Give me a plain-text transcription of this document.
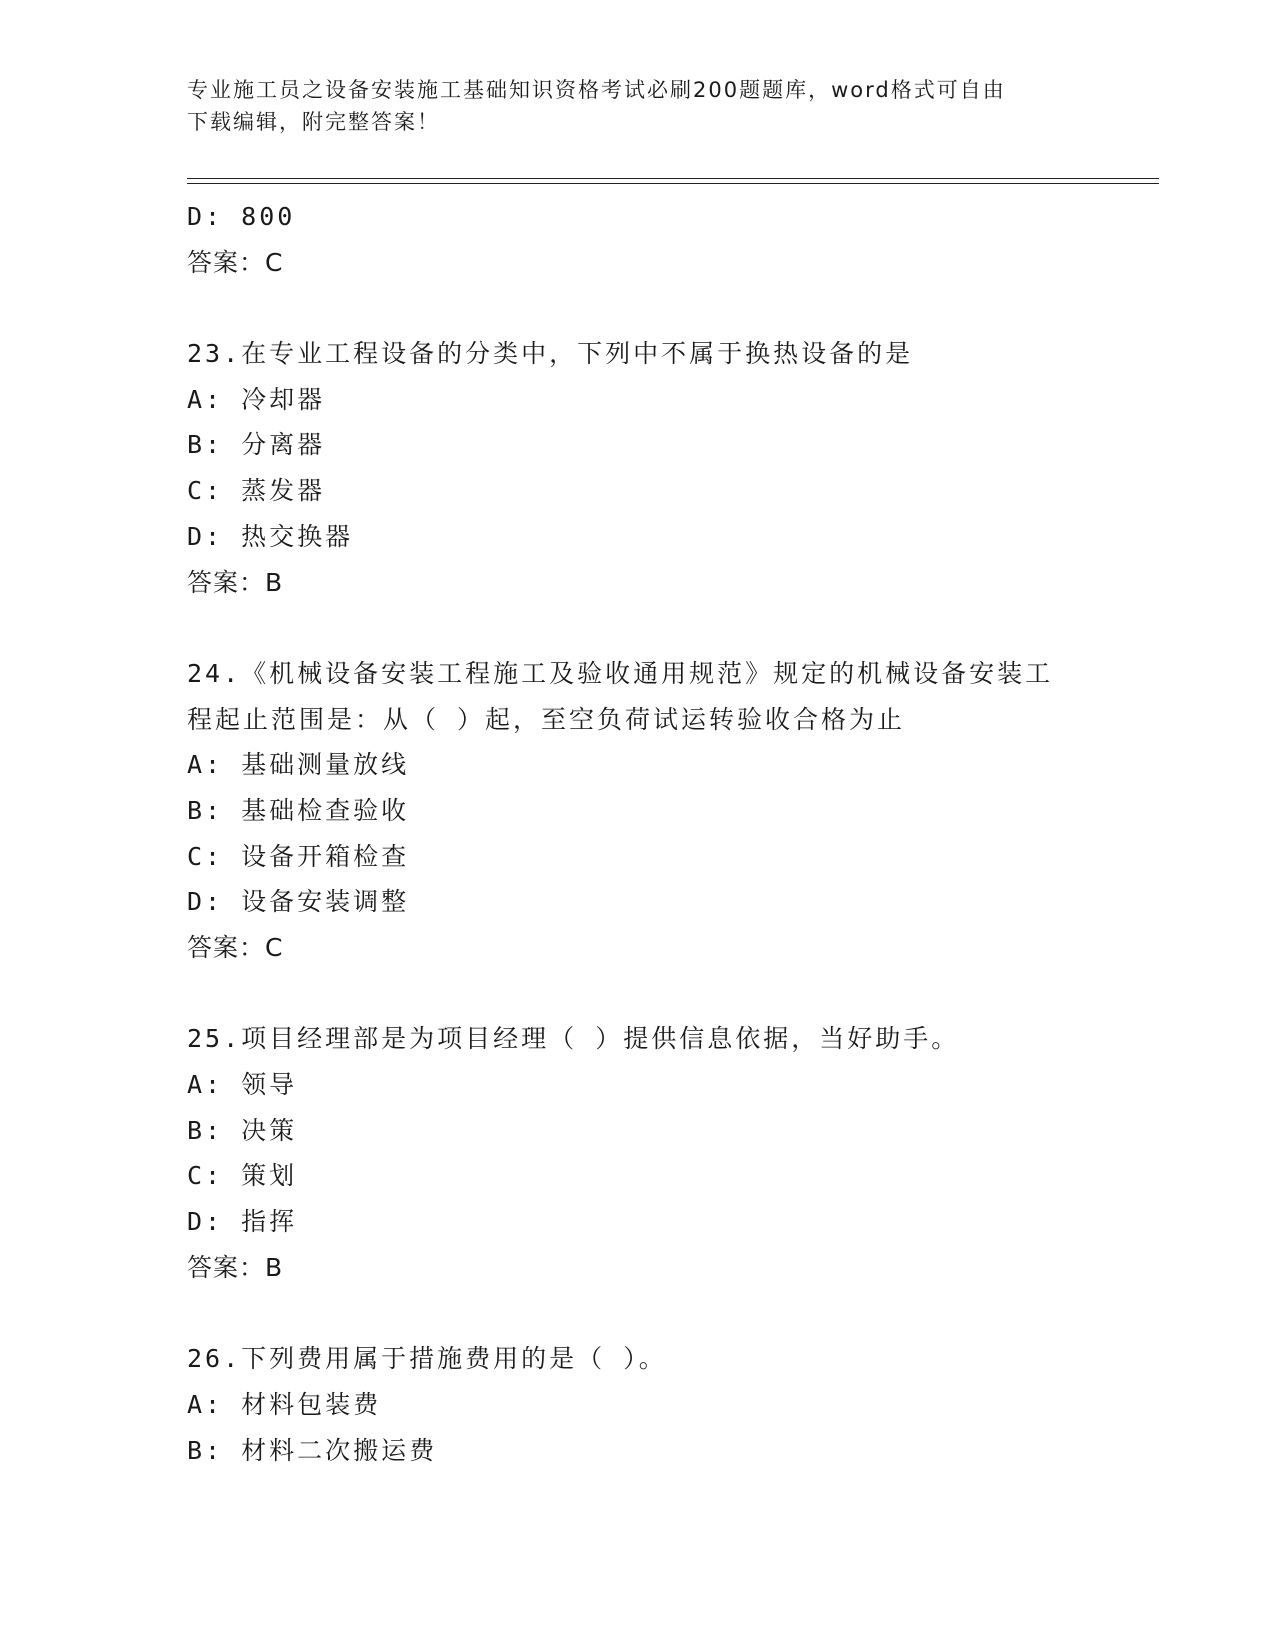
专业施工员之设备安装施工基础知识资格考试必刷200题题库，word格式可自由
下载编辑，附完整答案！
D: 800
答案：C
23.在专业工程设备的分类中，下列中不属于换热设备的是
A: 冷却器
B: 分离器
C: 蒸发器
D: 热交换器
答案：B
24.《机械设备安装工程施工及验收通用规范》规定的机械设备安装工
程起止范围是：从（ ）起，至空负荷试运转验收合格为止
A: 基础测量放线
B: 基础检查验收
C: 设备开箱检查
D: 设备安装调整
答案：C
25.项目经理部是为项目经理（ ）提供信息依据，当好助手。
A: 领导
B: 决策
C: 策划
D: 指挥
答案：B
26.下列费用属于措施费用的是（ ）。
A: 材料包装费
B: 材料二次搬运费
